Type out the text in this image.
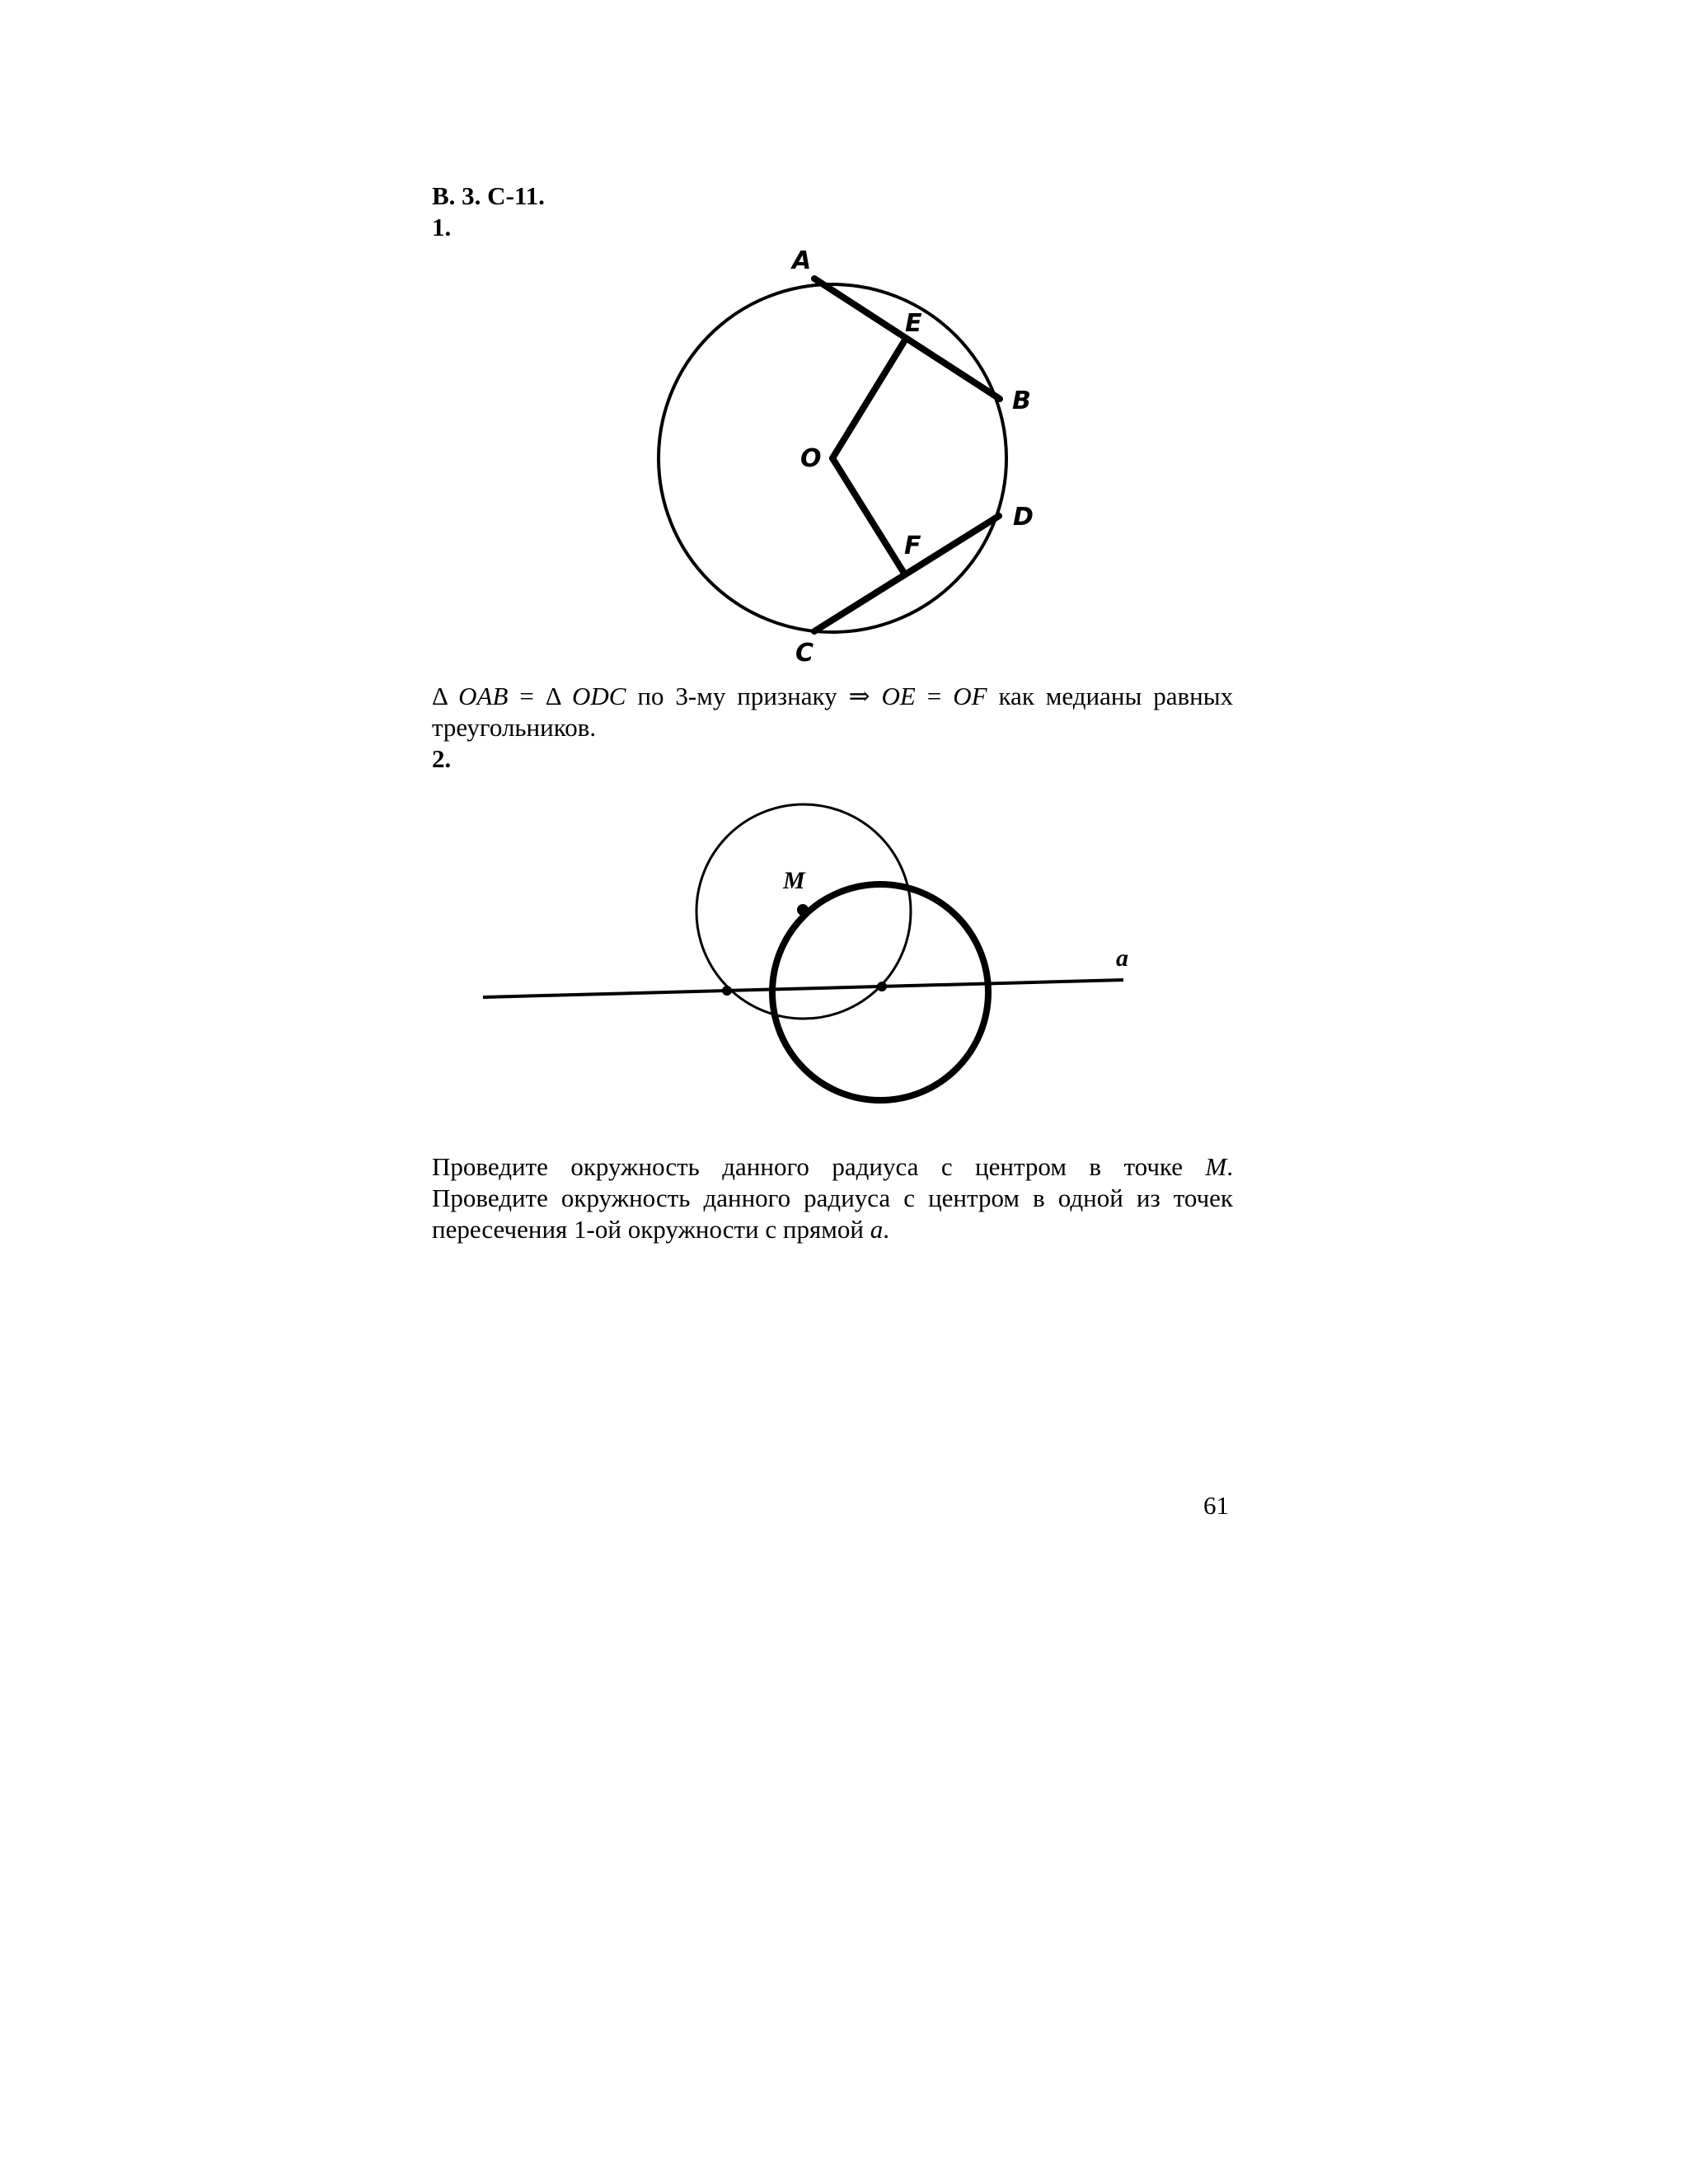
В. 3. С-11.
1.
A
E
B
O
D
F
C
Δ OAB = Δ ODC по 3-му признаку ⇒ OE = OF как медианы равных
треугольников.
2.
M
a
Проведите окружность данного радиуса с центром в точке M.
Проведите окружность данного радиуса с центром в одной из точек
пересечения 1-ой окружности с прямой a.
61
